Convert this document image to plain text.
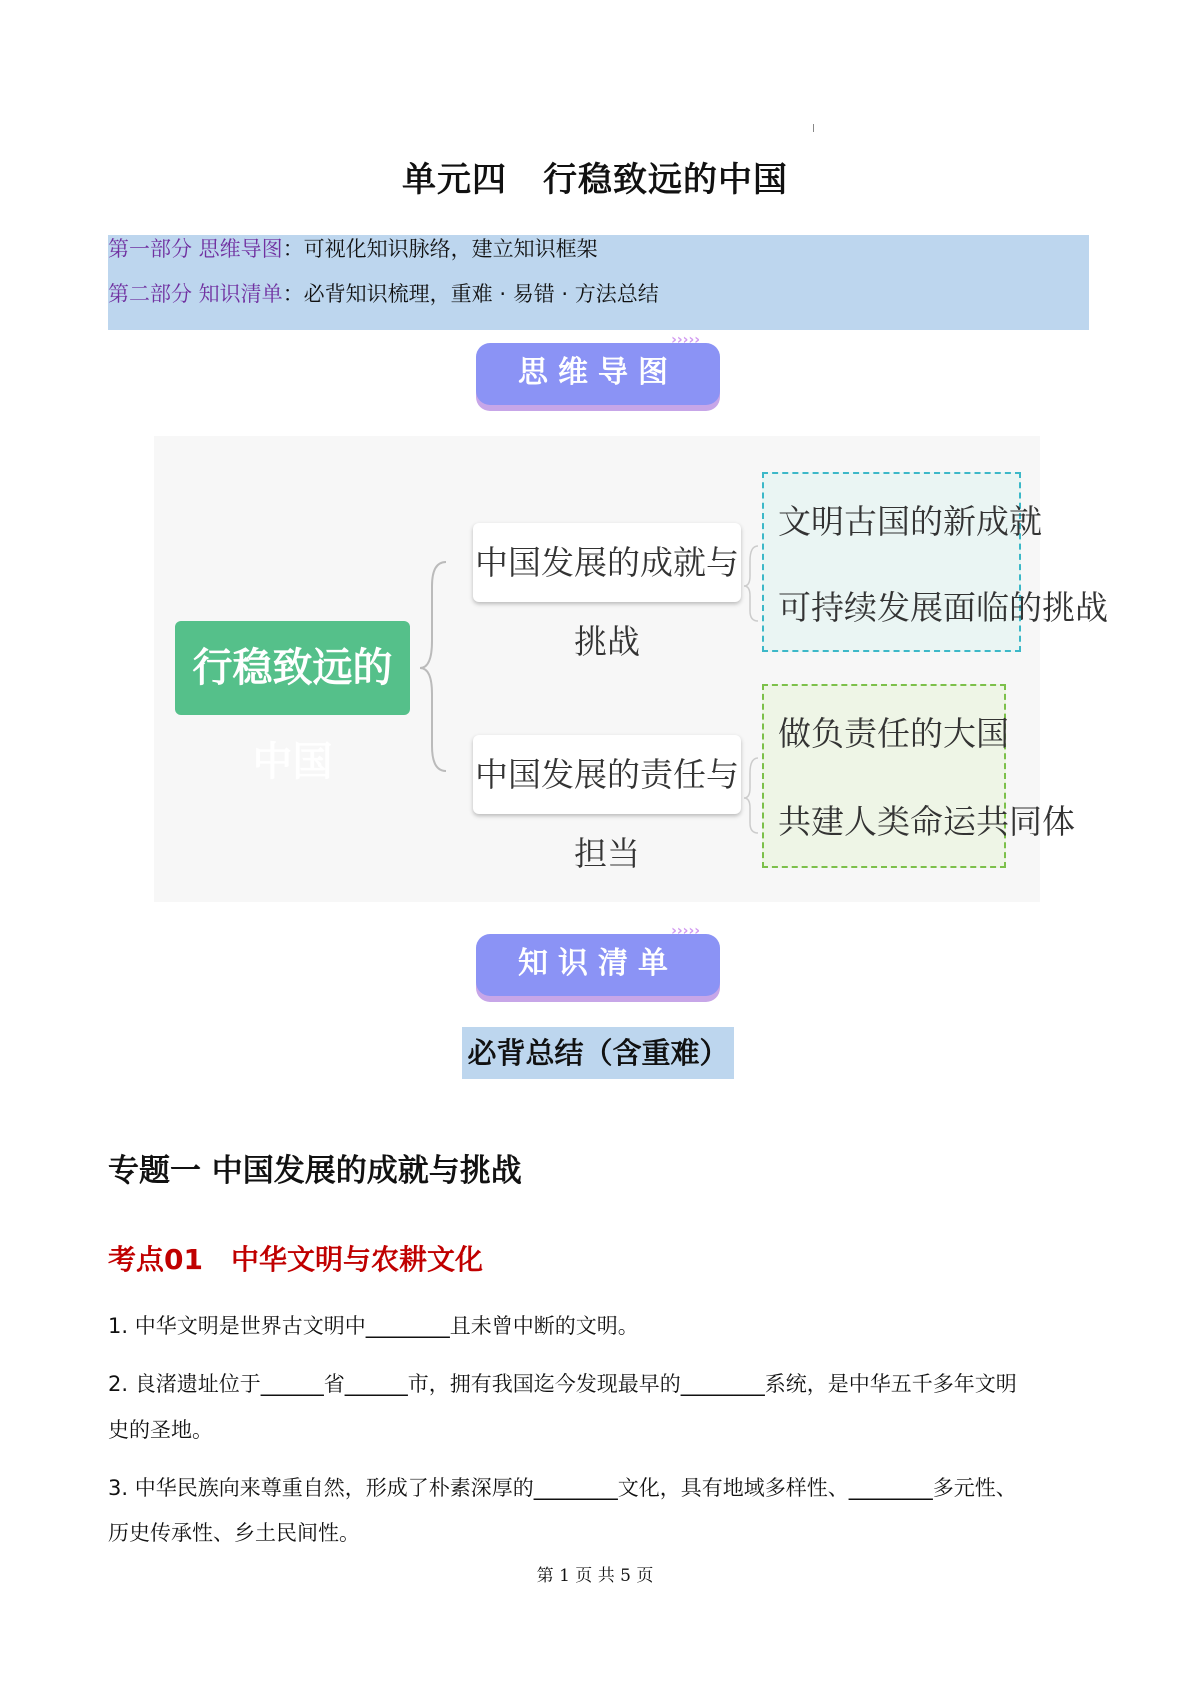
单元四 行稳致远的中国
第一部分 思维导图：可视化知识脉络，建立知识框架
第二部分 知识清单：必背知识梳理，重难 · 易错 · 方法总结
›››››
思维导图
行稳致远的中国
中国发展的成就与挑战
中国发展的责任与担当
文明古国的新成就
可持续发展面临的挑战
做负责任的大国
共建人类命运共同体
›››››
知识清单
必背总结（含重难）
专题一 中国发展的成就与挑战
考点01　中华文明与农耕文化
1. 中华文明是世界古文明中________且未曾中断的文明。
2. 良渚遗址位于______省______市，拥有我国迄今发现最早的________系统，是中华五千多年文明
史的圣地。
3. 中华民族向来尊重自然，形成了朴素深厚的________文化，具有地域多样性、________多元性、
历史传承性、乡土民间性。
第 1 页 共 5 页
